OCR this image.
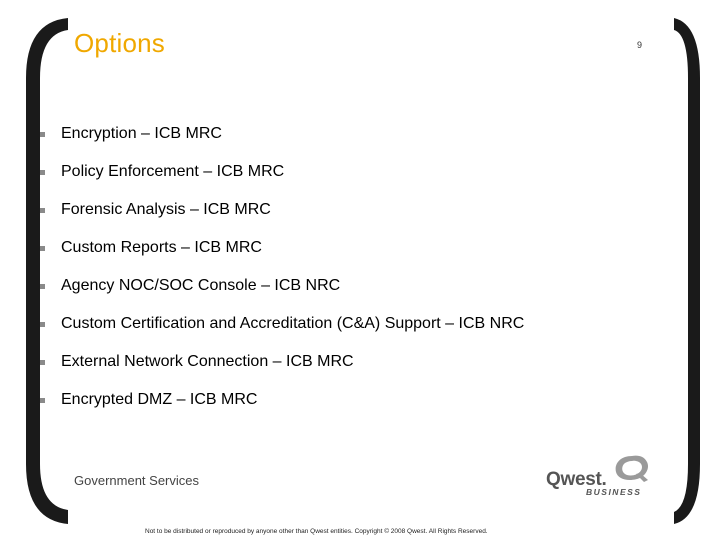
Options	9
Encryption – ICB MRC
Policy Enforcement – ICB MRC
Forensic Analysis – ICB MRC
Custom Reports – ICB MRC
Agency NOC/SOC Console – ICB NRC
Custom Certification and Accreditation (C&A) Support – ICB NRC
External Network Connection – ICB MRC
Encrypted DMZ – ICB MRC
Government Services	Qwest.
BUSINESS
Not to be distributed or reproduced by anyone other than Qwest entities. Copyright © 2008 Qwest. All Rights Reserved.
